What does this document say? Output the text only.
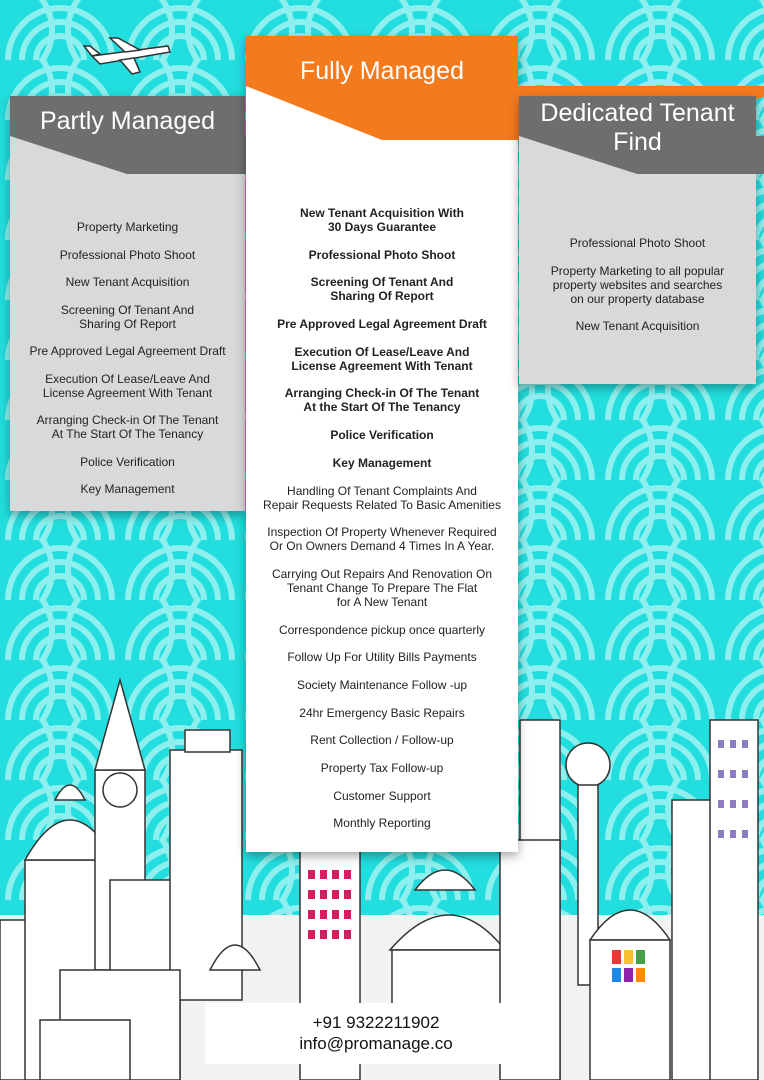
Partly Managed
Property Marketing
Professional Photo Shoot
New Tenant Acquisition
Screening Of Tenant And
Sharing Of Report
Pre Approved Legal Agreement Draft
Execution Of Lease/Leave And
License Agreement With Tenant
Arranging Check-in Of The Tenant
At The Start Of The Tenancy
Police Verification
Key Management
Fully Managed
New Tenant Acquisition With
30 Days Guarantee
Professional Photo Shoot
Screening Of Tenant And
Sharing Of Report
Pre Approved Legal Agreement Draft
Execution Of Lease/Leave And
License Agreement With Tenant
Arranging Check-in Of The Tenant
At the Start Of The Tenancy
Police Verification
Key Management
Handling Of Tenant Complaints And
Repair Requests Related To Basic Amenities
Inspection Of Property Whenever Required
Or On Owners Demand 4 Times In A Year.
Carrying Out Repairs And Renovation On
Tenant Change To Prepare The Flat
for A New Tenant
Correspondence pickup once quarterly
Follow Up For Utility Bills Payments
Society Maintenance Follow -up
24hr Emergency Basic Repairs
Rent Collection / Follow-up
Property Tax Follow-up
Customer Support
Monthly Reporting
Dedicated Tenant
Find
Professional Photo Shoot
Property Marketing to all popular
property websites and searches
on our property database
New Tenant Acquisition
+91 9322211902
info@promanage.co
